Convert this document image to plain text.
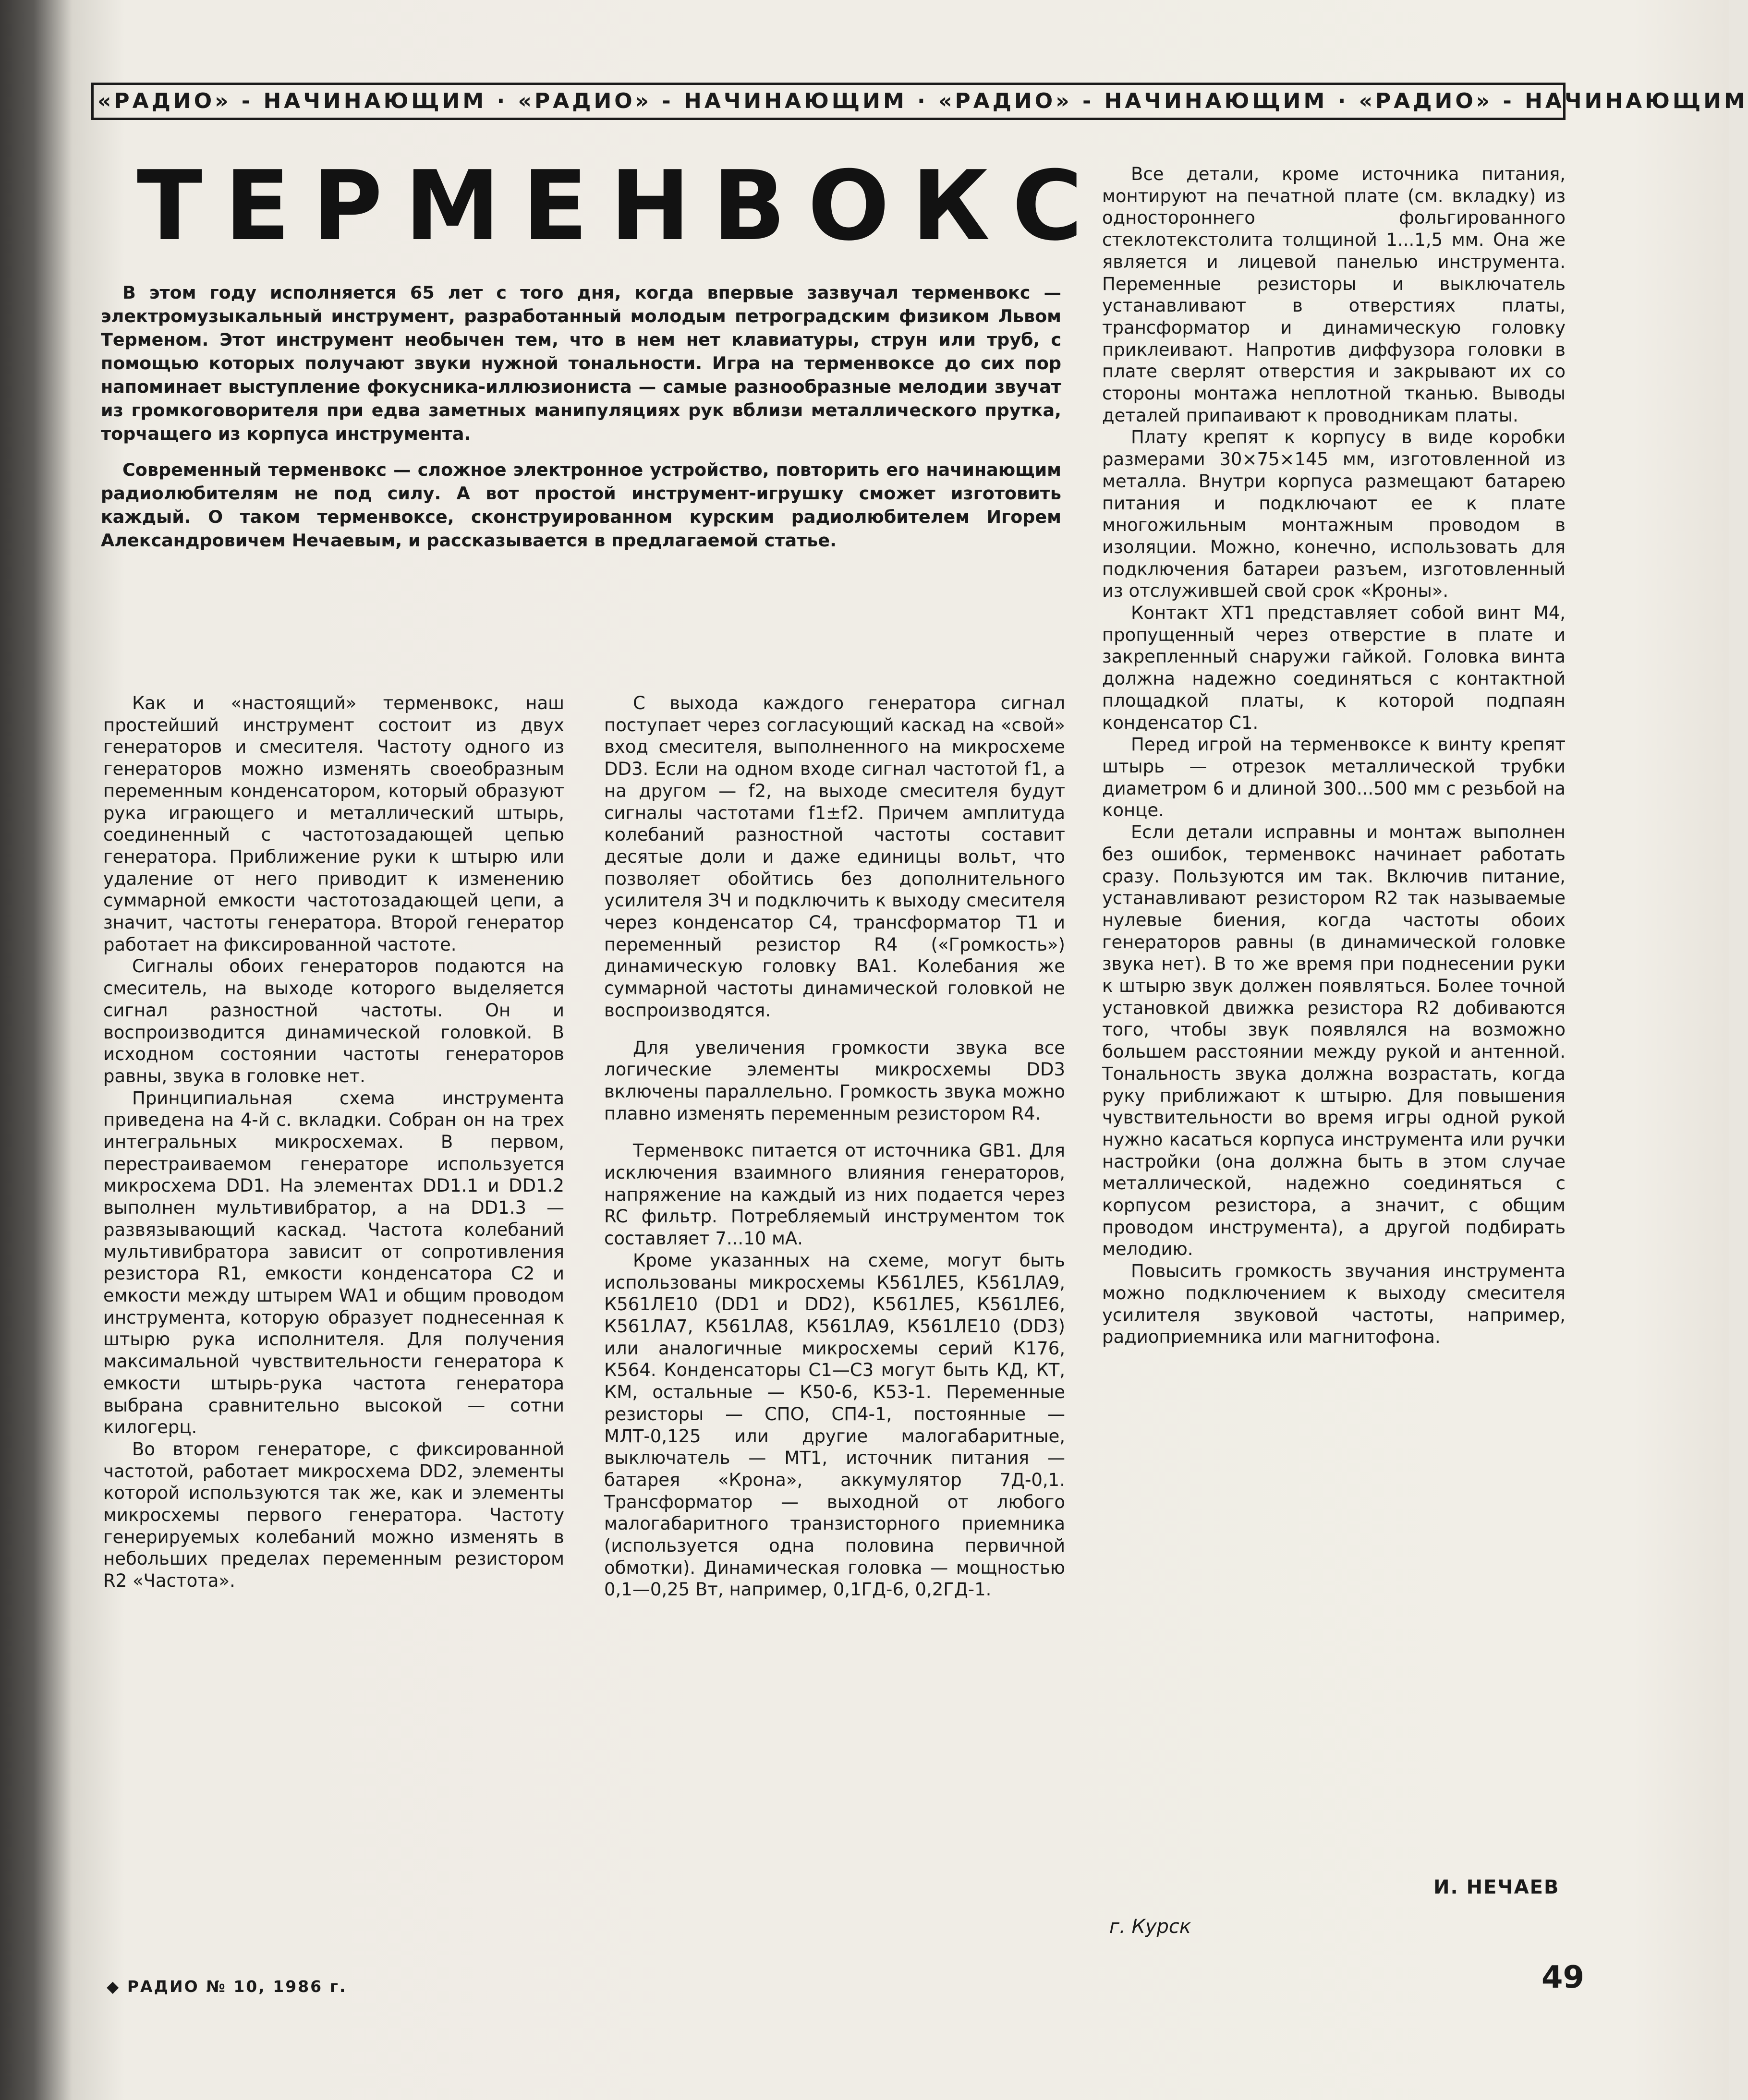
«РАДИО» - НАЧИНАЮЩИМ · «РАДИО» - НАЧИНАЮЩИМ · «РАДИО» - НАЧИНАЮЩИМ · «РАДИО» - НАЧИНАЮЩИМ
ТЕРМЕНВОКС

В этом году исполняется 65 лет с того дня, когда впервые зазвучал терменвокс — электромузыкальный инструмент, разработанный молодым петроградским физиком Львом Терменом. Этот инструмент необычен тем, что в нем нет клавиатуры, струн или труб, с помощью которых получают звуки нужной тональности. Игра на терменвоксе до сих пор напоминает выступление фокусника-иллюзиониста — самые разнообразные мелодии звучат из громкоговорителя при едва заметных манипуляциях рук вблизи металлического прутка, торчащего из корпуса инструмента.

Современный терменвокс — сложное электронное устройство, повторить его начинающим радиолюбителям не под силу. А вот простой инструмент-игрушку сможет изготовить каждый. О таком терменвоксе, сконструированном курским радиолюбителем Игорем Александровичем Нечаевым, и рассказывается в предлагаемой статье.

Как и «настоящий» терменвокс, наш простейший инструмент состоит из двух генераторов и смесителя. Частоту одного из генераторов можно изменять своеобразным переменным конденсатором, который образуют рука играющего и металлический штырь, соединенный с частотозадающей цепью генератора. Приближение руки к штырю или удаление от него приводит к изменению суммарной емкости частотозадающей цепи, а значит, частоты генератора. Второй генератор работает на фиксированной частоте.

Сигналы обоих генераторов подаются на смеситель, на выходе которого выделяется сигнал разностной частоты. Он и воспроизводится динамической головкой. В исходном состоянии частоты генераторов равны, звука в головке нет.

Принципиальная схема инструмента приведена на 4-й с. вкладки. Собран он на трех интегральных микросхемах. В первом, перестраиваемом генераторе используется микросхема DD1. На элементах DD1.1 и DD1.2 выполнен мультивибратор, а на DD1.3 — развязывающий каскад. Частота колебаний мультивибратора зависит от сопротивления резистора R1, емкости конденсатора C2 и емкости между штырем WA1 и общим проводом инструмента, которую образует поднесенная к штырю рука исполнителя. Для получения максимальной чувствительности генератора к емкости штырь-рука частота генератора выбрана сравнительно высокой — сотни килогерц.

Во втором генераторе, с фиксированной частотой, работает микросхема DD2, элементы которой используются так же, как и элементы микросхемы первого генератора. Частоту генерируемых колебаний можно изменять в небольших пределах переменным резистором R2 «Частота».

С выхода каждого генератора сигнал поступает через согласующий каскад на «свой» вход смесителя, выполненного на микросхеме DD3. Если на одном входе сигнал частотой f1, а на другом — f2, на выходе смесителя будут сигналы частотами f1±f2. Причем амплитуда колебаний разностной частоты составит десятые доли и даже единицы вольт, что позволяет обойтись без дополнительного усилителя ЗЧ и подключить к выходу смесителя через конденсатор C4, трансформатор T1 и переменный резистор R4 («Громкость») динамическую головку BA1. Колебания же суммарной частоты динамической головкой не воспроизводятся.

Для увеличения громкости звука все логические элементы микросхемы DD3 включены параллельно. Громкость звука можно плавно изменять переменным резистором R4.

Терменвокс питается от источника GB1. Для исключения взаимного влияния генераторов, напряжение на каждый из них подается через RC фильтр. Потребляемый инструментом ток составляет 7...10 мА.

Кроме указанных на схеме, могут быть использованы микросхемы К561ЛЕ5, К561ЛА9, К561ЛЕ10 (DD1 и DD2), К561ЛЕ5, К561ЛЕ6, К561ЛА7, К561ЛА8, К561ЛА9, К561ЛЕ10 (DD3) или аналогичные микросхемы серий К176, К564. Конденсаторы C1—C3 могут быть КД, КТ, КМ, остальные — К50-6, К53-1. Переменные резисторы — СПО, СП4-1, постоянные — МЛТ-0,125 или другие малогабаритные, выключатель — МТ1, источник питания — батарея «Крона», аккумулятор 7Д-0,1. Трансформатор — выходной от любого малогабаритного транзисторного приемника (используется одна половина первичной обмотки). Динамическая головка — мощностью 0,1—0,25 Вт, например, 0,1ГД-6, 0,2ГД-1.

Все детали, кроме источника питания, монтируют на печатной плате (см. вкладку) из одностороннего фольгированного стеклотекстолита толщиной 1...1,5 мм. Она же является и лицевой панелью инструмента. Переменные резисторы и выключатель устанавливают в отверстиях платы, трансформатор и динамическую головку приклеивают. Напротив диффузора головки в плате сверлят отверстия и закрывают их со стороны монтажа неплотной тканью. Выводы деталей припаивают к проводникам платы.

Плату крепят к корпусу в виде коробки размерами 30×75×145 мм, изготовленной из металла. Внутри корпуса размещают батарею питания и подключают ее к плате многожильным монтажным проводом в изоляции. Можно, конечно, использовать для подключения батареи разъем, изготовленный из отслужившей свой срок «Кроны».

Контакт XT1 представляет собой винт М4, пропущенный через отверстие в плате и закрепленный снаружи гайкой. Головка винта должна надежно соединяться с контактной площадкой платы, к которой подпаян конденсатор C1.

Перед игрой на терменвоксе к винту крепят штырь — отрезок металлической трубки диаметром 6 и длиной 300...500 мм с резьбой на конце.

Если детали исправны и монтаж выполнен без ошибок, терменвокс начинает работать сразу. Пользуются им так. Включив питание, устанавливают резистором R2 так называемые нулевые биения, когда частоты обоих генераторов равны (в динамической головке звука нет). В то же время при поднесении руки к штырю звук должен появляться. Более точной установкой движка резистора R2 добиваются того, чтобы звук появлялся на возможно большем расстоянии между рукой и антенной. Тональность звука должна возрастать, когда руку приближают к штырю. Для повышения чувствительности во время игры одной рукой нужно касаться корпуса инструмента или ручки настройки (она должна быть в этом случае металлической, надежно соединяться с корпусом резистора, а значит, с общим проводом инструмента), а другой подбирать мелодию.

Повысить громкость звучания инструмента можно подключением к выходу смесителя усилителя звуковой частоты, например, радиоприемника или магнитофона.

И. НЕЧАЕВ
г. Курск
◆ РАДИО № 10, 1986 г.	49
